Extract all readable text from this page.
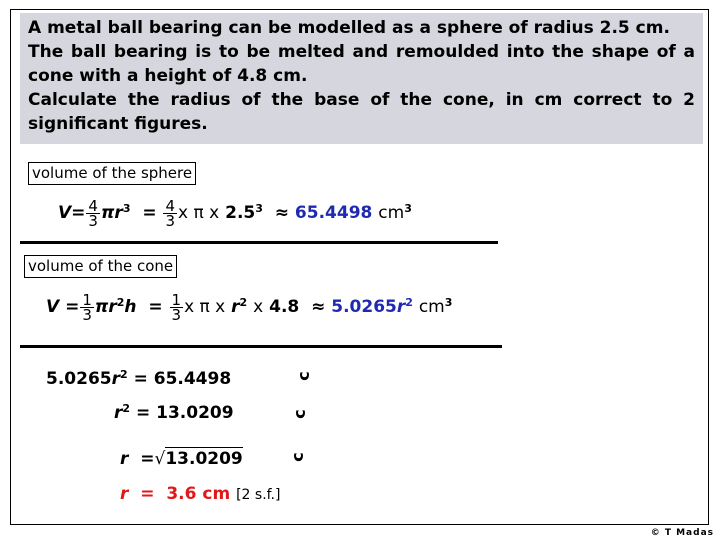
A metal ball bearing can be modelled as a sphere of radius 2.5 cm.
The ball bearing is to be melted and remoulded into the shape of a
cone with a height of 4.8 cm.
Calculate the radius of the base of the cone, in cm correct to 2
significant figures.
volume of the sphere
$V= \frac{4}{3} \pi r^3 = \frac{4}{3}$ x π x $2.5^3 \approx 65.4498$ $cm^3$
volume of the cone
$V = \frac{1}{3} \pi r^2h = \frac{1}{3}$ x π x $r^2$ x $4.8 \approx 5.0265r^2$ $cm^3$
$5.0265r^2 = 65.4498$	c
$r^2 = 13.0209$	c
r =√13.0209	c
r = 3.6 cm [2 s.f.]
© T Madas
